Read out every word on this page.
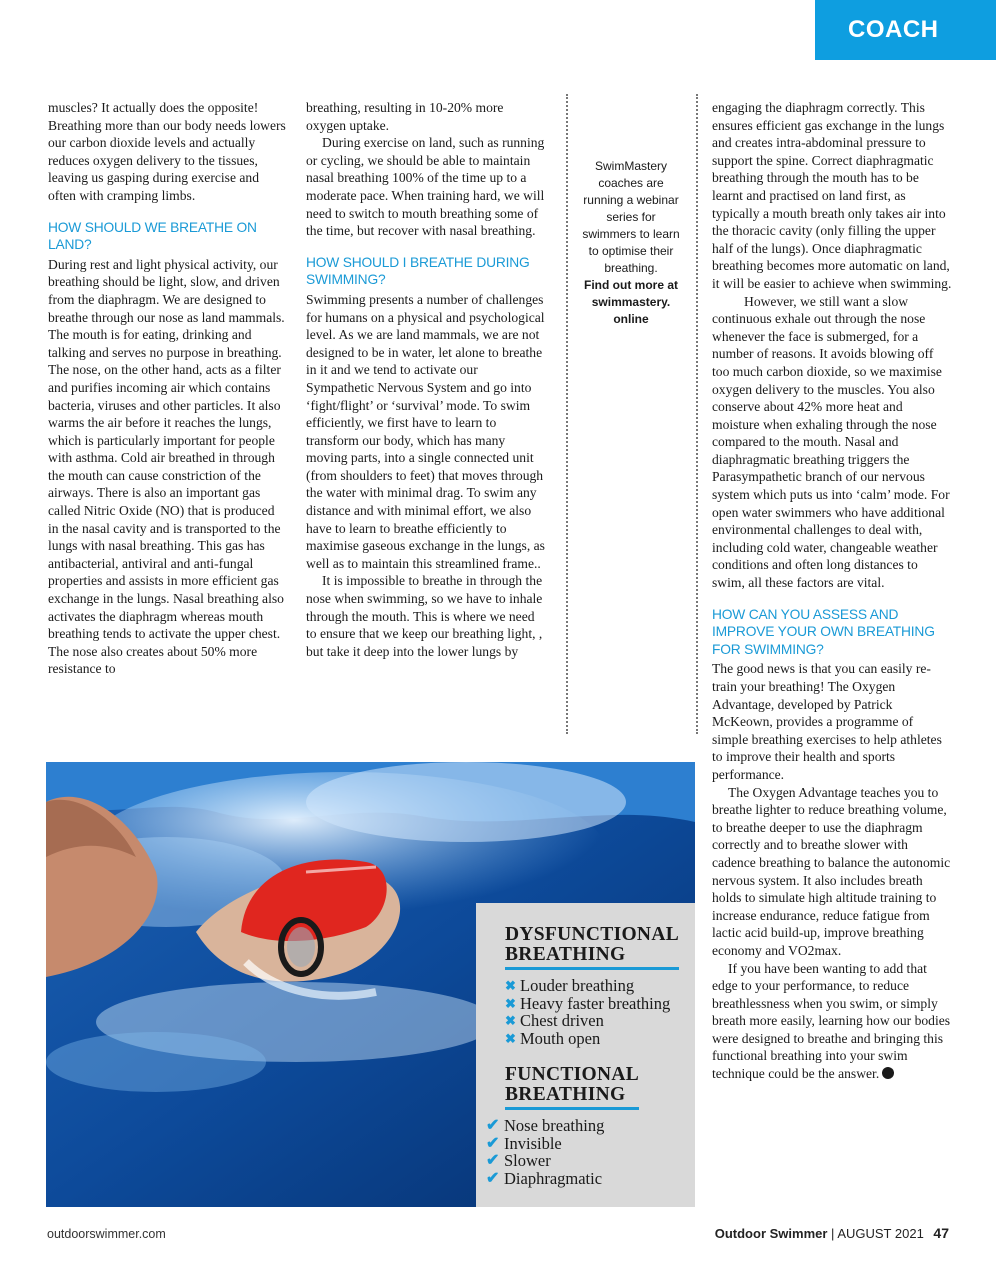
COACH

muscles? It actually does the opposite! Breathing more than our body needs lowers our carbon dioxide levels and actually reduces oxygen delivery to the tissues, leaving us gasping during exercise and often with cramping limbs.

HOW SHOULD WE BREATHE ON LAND?

During rest and light physical activity, our breathing should be light, slow, and driven from the diaphragm. We are designed to breathe through our nose as land mammals. The mouth is for eating, drinking and talking and serves no purpose in breathing. The nose, on the other hand, acts as a filter and purifies incoming air which contains bacteria, viruses and other particles. It also warms the air before it reaches the lungs, which is particularly important for people with asthma. Cold air breathed in through the mouth can cause constriction of the airways. There is also an important gas called Nitric Oxide (NO) that is produced in the nasal cavity and is transported to the lungs with nasal breathing. This gas has antibacterial, antiviral and anti-fungal properties and assists in more efficient gas exchange in the lungs. Nasal breathing also activates the diaphragm whereas mouth breathing tends to activate the upper chest. The nose also creates about 50% more resistance to

breathing, resulting in 10-20% more oxygen uptake.

During exercise on land, such as running or cycling, we should be able to maintain nasal breathing 100% of the time up to a moderate pace. When training hard, we will need to switch to mouth breathing some of the time, but recover with nasal breathing.

HOW SHOULD I BREATHE DURING SWIMMING?

Swimming presents a number of challenges for humans on a physical and psychological level. As we are land mammals, we are not designed to be in water, let alone to breathe in it and we tend to activate our Sympathetic Nervous System and go into ‘fight/flight’ or ‘survival’ mode. To swim efficiently, we first have to learn to transform our body, which has many moving parts, into a single connected unit (from shoulders to feet) that moves through the water with minimal drag. To swim any distance and with minimal effort, we also have to learn to breathe efficiently to maximise gaseous exchange in the lungs, as well as to maintain this streamlined frame..

It is impossible to breathe in through the nose when swimming, so we have to inhale through the mouth. This is where we need to ensure that we keep our breathing light, , but take it deep into the lower lungs by

SwimMastery coaches are running a webinar series for swimmers to learn to optimise their breathing.
Find out more at swimmastery. online

engaging the diaphragm correctly. This ensures efficient gas exchange in the lungs and creates intra-abdominal pressure to support the spine. Correct diaphragmatic breathing through the mouth has to be learnt and practised on land first, as typically a mouth breath only takes air into the thoracic cavity (only filling the upper half of the lungs). Once diaphragmatic breathing becomes more automatic on land, it will be easier to achieve when swimming.

However, we still want a slow continuous exhale out through the nose whenever the face is submerged, for a number of reasons. It avoids blowing off too much carbon dioxide, so we maximise oxygen delivery to the muscles. You also conserve about 42% more heat and moisture when exhaling through the nose compared to the mouth. Nasal and diaphragmatic breathing triggers the Parasympathetic branch of our nervous system which puts us into ‘calm’ mode. For open water swimmers who have additional environmental challenges to deal with, including cold water, changeable weather conditions and often long distances to swim, all these factors are vital.

HOW CAN YOU ASSESS AND IMPROVE YOUR OWN BREATHING FOR SWIMMING?

The good news is that you can easily re-train your breathing! The Oxygen Advantage, developed by Patrick McKeown, provides a programme of simple breathing exercises to help athletes to improve their health and sports performance.

The Oxygen Advantage teaches you to breathe lighter to reduce breathing volume, to breathe deeper to use the diaphragm correctly and to breathe slower with cadence breathing to balance the autonomic nervous system. It also includes breath holds to simulate high altitude training to increase endurance, reduce fatigue from lactic acid build-up, improve breathing economy and VO2max.

If you have been wanting to add that edge to your performance, to reduce breathlessness when you swim, or simply breath more easily, learning how our bodies were designed to breathe and bringing this functional breathing into your swim technique could be the answer.

DYSFUNCTIONAL
BREATHING
✖ Louder breathing
✖ Heavy faster breathing
✖ Chest driven
✖ Mouth open
FUNCTIONAL
BREATHING
✔ Nose breathing
✔ Invisible
✔ Slower
✔ Diaphragmatic
outdoorswimmer.com	Outdoor Swimmer | AUGUST 2021 47
